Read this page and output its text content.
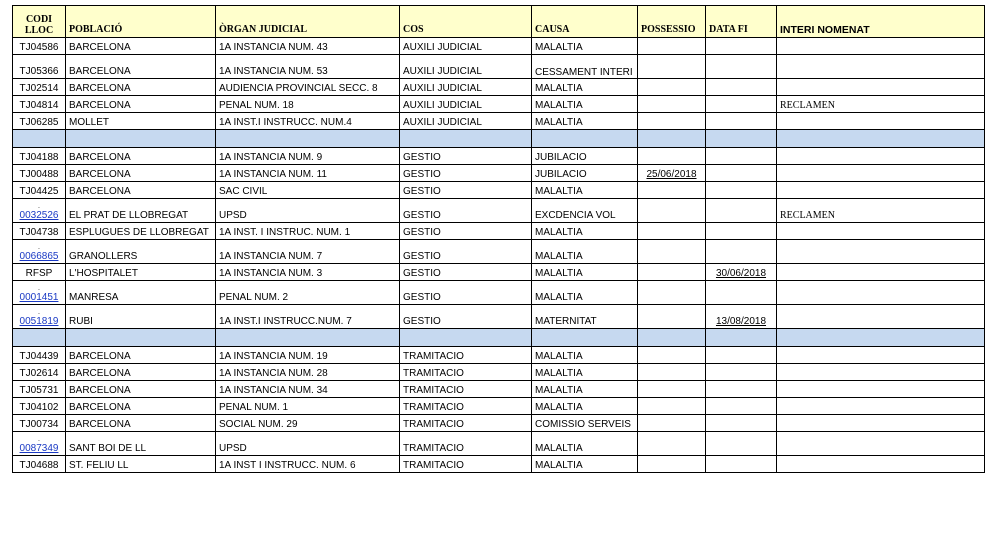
CODI
LLOC	POBLACIÓ	ÒRGAN JUDICIAL	COS	CAUSA	POSSESSIO	DATA FI	INTERI NOMENAT
TJ04586	BARCELONA	1A INSTANCIA NUM. 43	AUXILI JUDICIAL	MALALTIA			
TJ05366	BARCELONA	1A INSTANCIA NUM. 53	AUXILI JUDICIAL	CESSAMENT INTERI			
TJ02514	BARCELONA	AUDIENCIA PROVINCIAL SECC. 8	AUXILI JUDICIAL	MALALTIA			
TJ04814	BARCELONA	PENAL NUM. 18	AUXILI JUDICIAL	MALALTIA			RECLAMEN
TJ06285	MOLLET	1A INST.I INSTRUCC. NUM.4	AUXILI JUDICIAL	MALALTIA			

TJ04188	BARCELONA	1A INSTANCIA NUM. 9	GESTIO	JUBILACIO			
TJ00488	BARCELONA	1A INSTANCIA NUM. 11	GESTIO	JUBILACIO	25/06/2018		
TJ04425	BARCELONA	SAC CIVIL	GESTIO	MALALTIA			

.
0032526	EL PRAT DE LLOBREGAT	UPSD	GESTIO	EXCDENCIA VOL			RECLAMEN
TJ04738	ESPLUGUES DE LLOBREGAT	1A INST. I INSTRUC. NUM. 1	GESTIO	MALALTIA			

.
0066865	GRANOLLERS	1A INSTANCIA NUM. 7	GESTIO	MALALTIA			
RFSP	L'HOSPITALET	1A INSTANCIA NUM. 3	GESTIO	MALALTIA		30/06/2018	

.
0001451	MANRESA	PENAL NUM. 2	GESTIO	MALALTIA			

.
0051819	RUBI	1A INST.I INSTRUCC.NUM. 7	GESTIO	MATERNITAT		13/08/2018	

TJ04439	BARCELONA	1A INSTANCIA NUM. 19	TRAMITACIO	MALALTIA			
TJ02614	BARCELONA	1A INSTANCIA NUM. 28	TRAMITACIO	MALALTIA			
TJ05731	BARCELONA	1A INSTANCIA NUM. 34	TRAMITACIO	MALALTIA			
TJ04102	BARCELONA	PENAL NUM. 1	TRAMITACIO	MALALTIA			
TJ00734	BARCELONA	SOCIAL NUM. 29	TRAMITACIO	COMISSIO SERVEIS			

.
0087349	SANT BOI DE LL	UPSD	TRAMITACIO	MALALTIA			
TJ04688	ST. FELIU LL	1A INST I INSTRUCC. NUM. 6	TRAMITACIO	MALALTIA			
